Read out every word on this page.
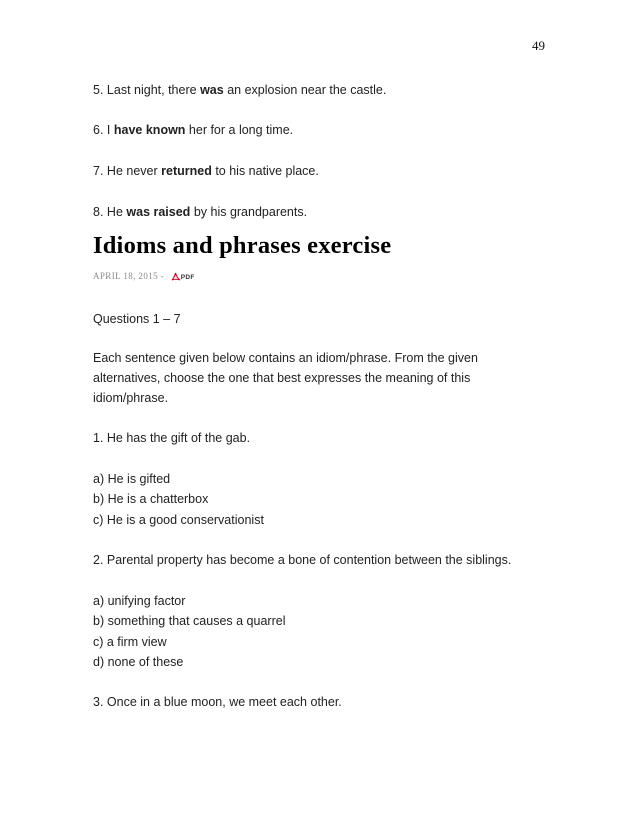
49
5. Last night, there was an explosion near the castle.
6. I have known her for a long time.
7. He never returned to his native place.
8. He was raised by his grandparents.
Idioms and phrases exercise
APRIL 18, 2015 -	PDF
Questions 1 – 7
Each sentence given below contains an idiom/phrase. From the given
alternatives, choose the one that best expresses the meaning of this
idiom/phrase.
1. He has the gift of the gab.
a) He is gifted
b) He is a chatterbox
c) He is a good conservationist
2. Parental property has become a bone of contention between the siblings.
a) unifying factor
b) something that causes a quarrel
c) a firm view
d) none of these
3. Once in a blue moon, we meet each other.
